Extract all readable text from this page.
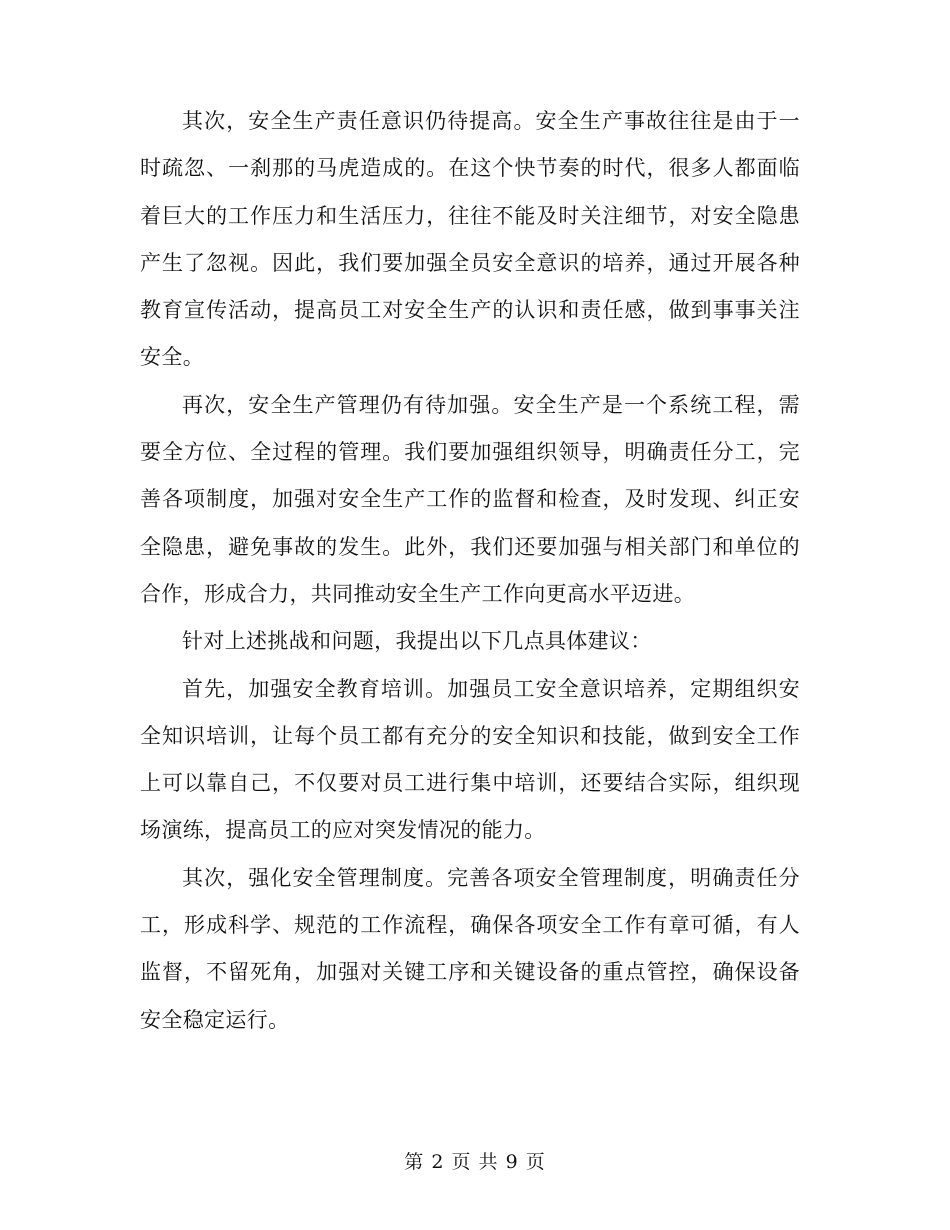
其次，安全生产责任意识仍待提高。安全生产事故往往是由于一时疏忽、一刹那的马虎造成的。在这个快节奏的时代，很多人都面临着巨大的工作压力和生活压力，往往不能及时关注细节，对安全隐患产生了忽视。因此，我们要加强全员安全意识的培养，通过开展各种教育宣传活动，提高员工对安全生产的认识和责任感，做到事事关注安全。

再次，安全生产管理仍有待加强。安全生产是一个系统工程，需要全方位、全过程的管理。我们要加强组织领导，明确责任分工，完善各项制度，加强对安全生产工作的监督和检查，及时发现、纠正安全隐患，避免事故的发生。此外，我们还要加强与相关部门和单位的合作，形成合力，共同推动安全生产工作向更高水平迈进。

针对上述挑战和问题，我提出以下几点具体建议：

首先，加强安全教育培训。加强员工安全意识培养，定期组织安全知识培训，让每个员工都有充分的安全知识和技能，做到安全工作上可以靠自己，不仅要对员工进行集中培训，还要结合实际，组织现场演练，提高员工的应对突发情况的能力。

其次，强化安全管理制度。完善各项安全管理制度，明确责任分工，形成科学、规范的工作流程，确保各项安全工作有章可循，有人监督，不留死角，加强对关键工序和关键设备的重点管控，确保设备安全稳定运行。

第 2 页 共 9 页
